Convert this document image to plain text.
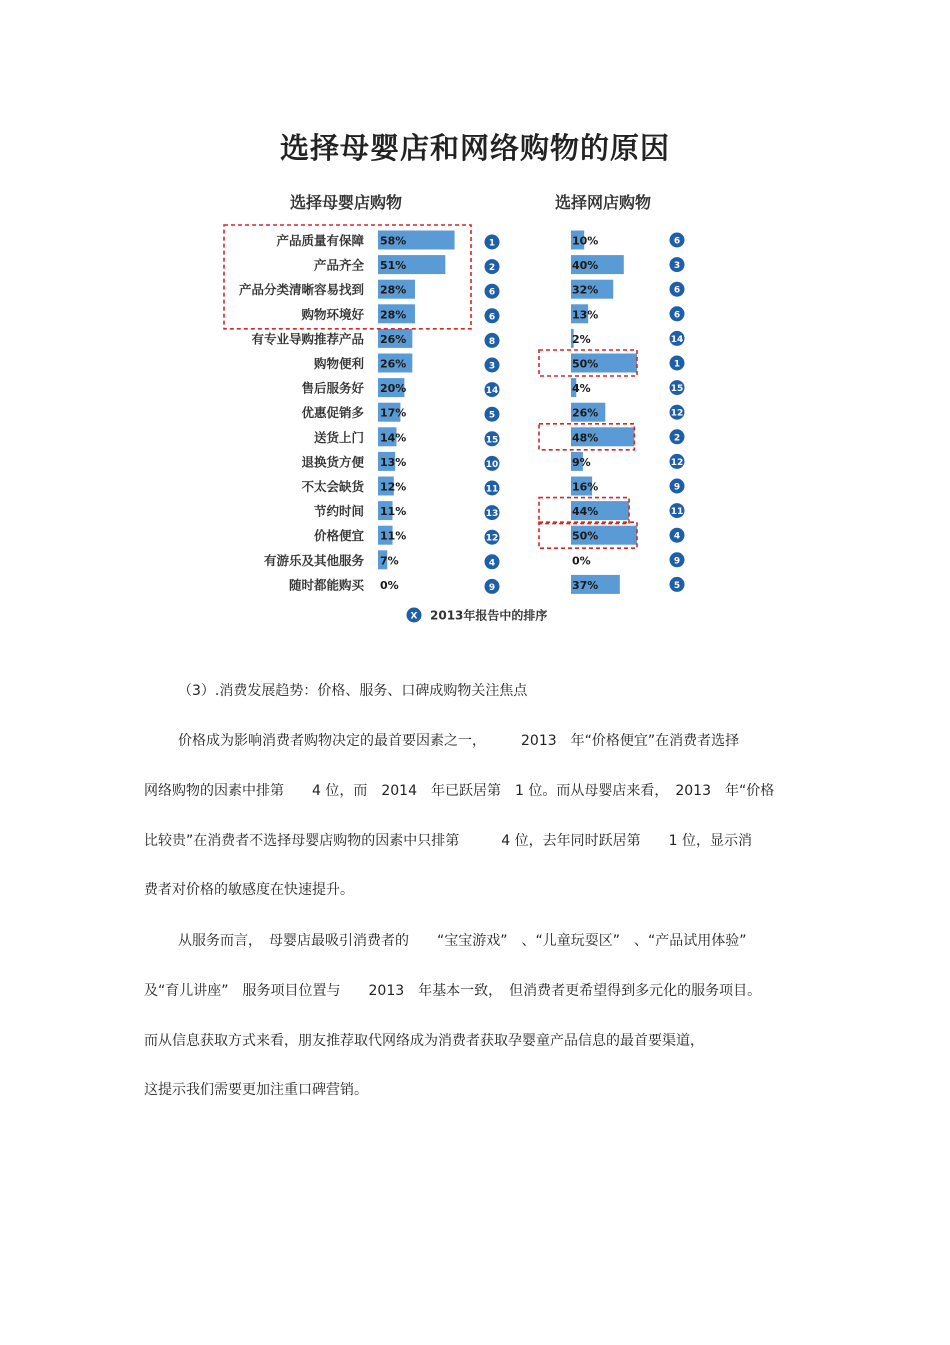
选择母婴店和网络购物的原因
选择母婴店购物	选择网店购物
产品质量有保障 58%	1	10%	6
产品齐全 51%	2	40%	3
产品分类清晰容易找到 28%	6	32%	6
购物环境好 28%	6	13%	6
有专业导购推荐产品 26%	8	2%	14
购物便利 26%	3	50%	1
售后服务好 20%	14	4%	15
优惠促销多 17%	5	26%	12
送货上门 14%	15	48%	2
退换货方便 13%	10	9%	12
不太会缺货 12%	11	16%	9
节约时间 11%	13	44%	11
价格便宜 11%	12	50%	4
有游乐及其他服务 7%	4	0%	9
随时都能购买 0%	9	37%	5
X 2013年报告中的排序
（3）.消费发展趋势：价格、服务、口碑成购物关注焦点
价格成为影响消费者购物决定的最首要因素之一，　　　2013　年“价格便宜”在消费者选择
网络购物的因素中排第　　4 位，而　2014　年已跃居第　1 位。而从母婴店来看，　2013　年“价格
比较贵”在消费者不选择母婴店购物的因素中只排第　　　4 位，去年同时跃居第　　1 位，显示消
费者对价格的敏感度在快速提升。
从服务而言，　母婴店最吸引消费者的　　“宝宝游戏”　、“儿童玩耍区”　、“产品试用体验”
及“育儿讲座”　服务项目位置与　　2013　年基本一致，　但消费者更希望得到多元化的服务项目。
而从信息获取方式来看，朋友推荐取代网络成为消费者获取孕婴童产品信息的最首要渠道，
这提示我们需要更加注重口碑营销。
